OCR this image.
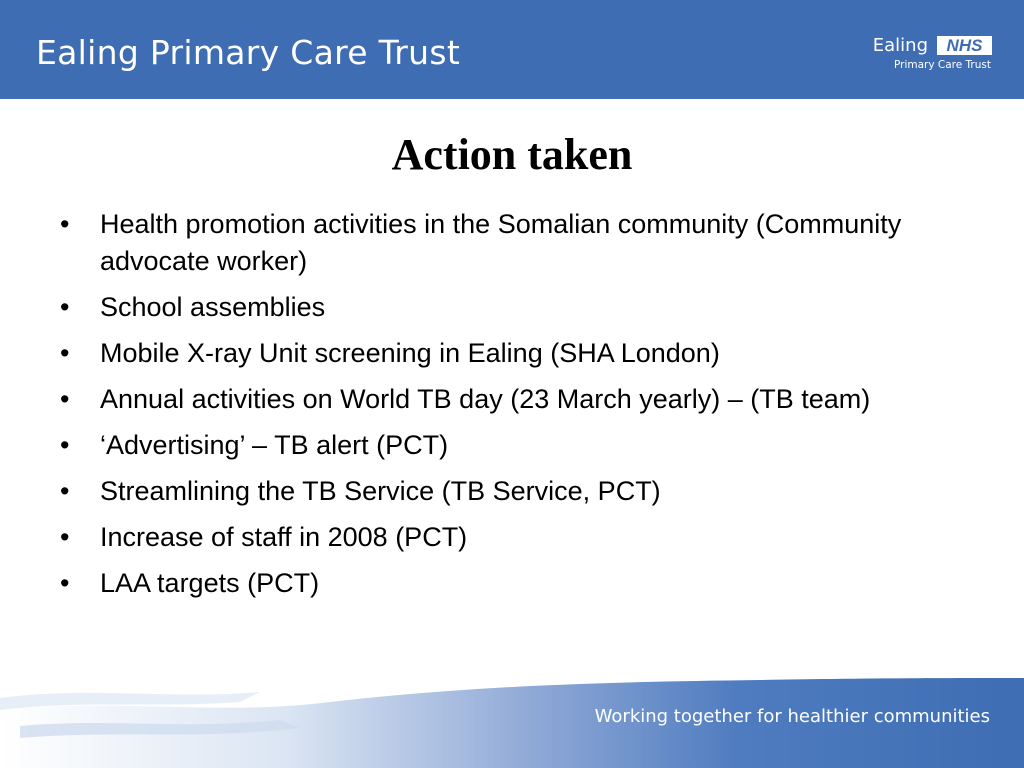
Ealing Primary Care Trust	Ealing	NHS
Primary Care Trust
Action taken
• Health promotion activities in the Somalian community (Community advocate worker)
• School assemblies
• Mobile X-ray Unit screening in Ealing (SHA London)
• Annual activities on World TB day (23 March yearly) – (TB team)
• ‘Advertising’ – TB alert (PCT)
• Streamlining the TB Service (TB Service, PCT)
• Increase of staff in 2008 (PCT)
• LAA targets (PCT)
Working together for healthier communities
